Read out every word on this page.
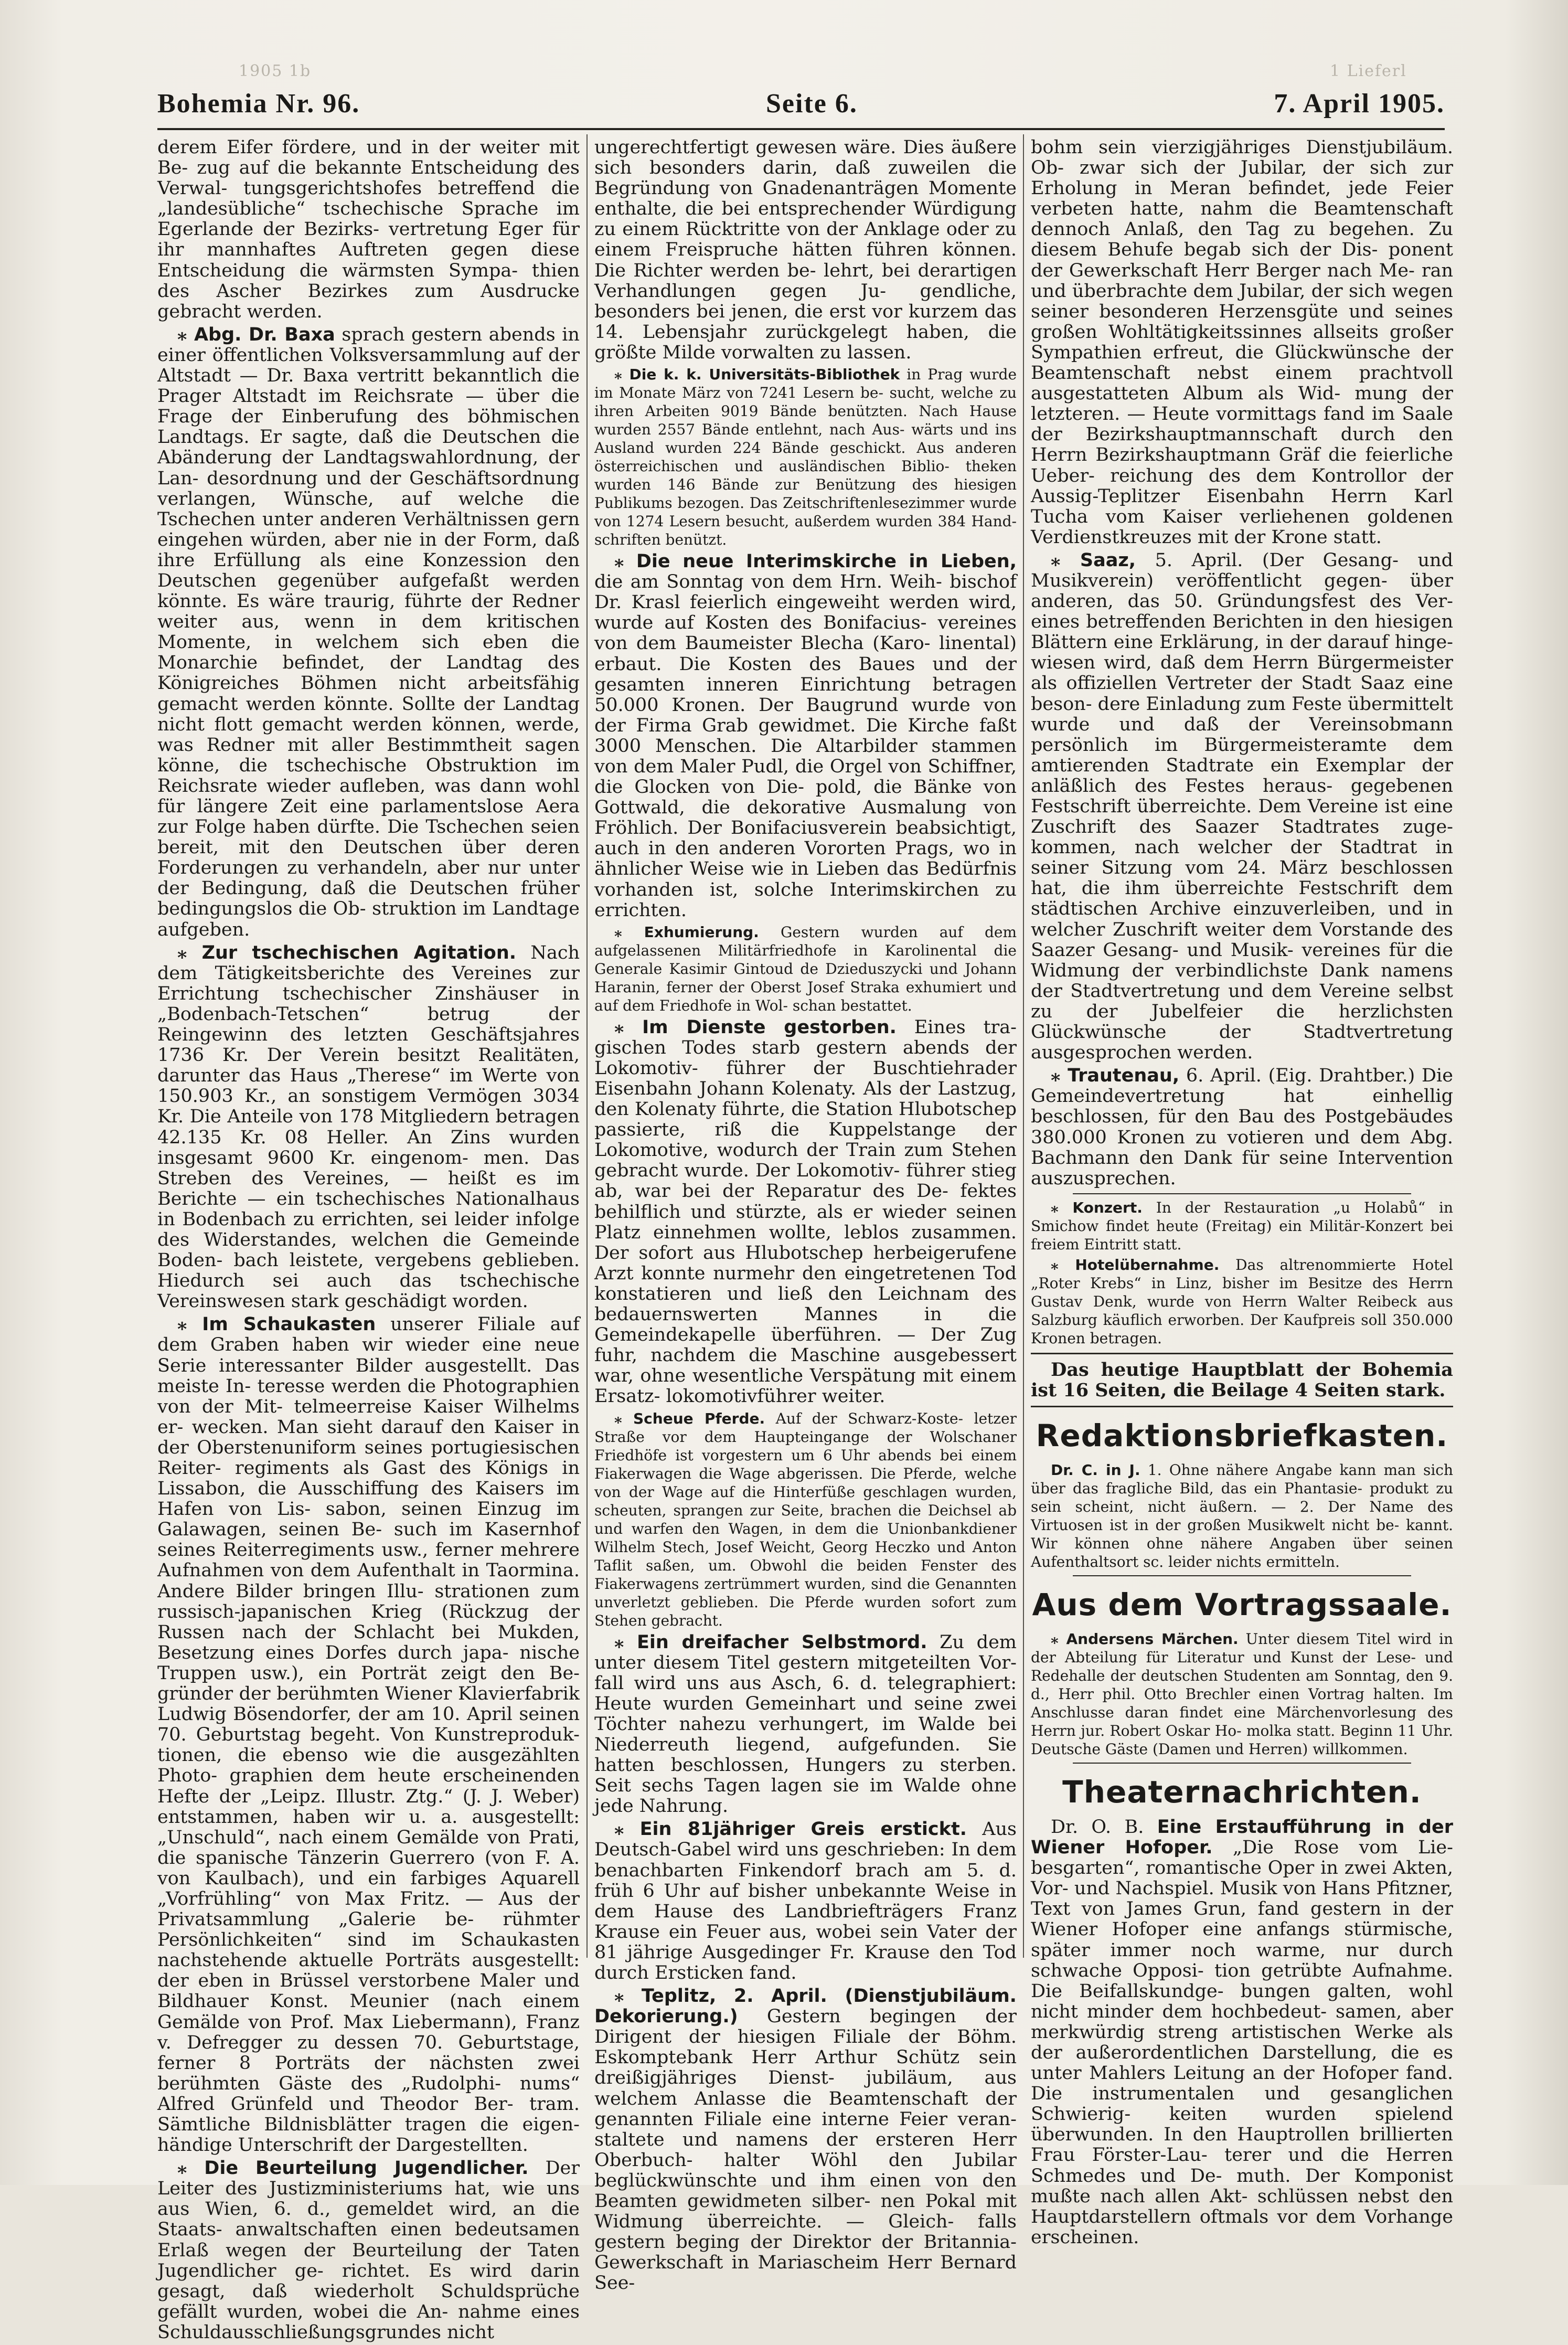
1905 1b	1 Lieferl
Bohemia Nr. 96.	Seite 6.	7. April 1905.

derem Eifer fördere, und in der weiter mit Be- zug auf die bekannte Entscheidung des Verwal- tungsgerichtshofes betreffend die „landesübliche“ tschechische Sprache im Egerlande der Bezirks- vertretung Eger für ihr mannhaftes Auftreten gegen diese Entscheidung die wärmsten Sympa- thien des Ascher Bezirkes zum Ausdrucke gebracht werden.

⁎ Abg. Dr. Baxa sprach gestern abends in einer öffentlichen Volksversammlung auf der Altstadt — Dr. Baxa vertritt bekanntlich die Prager Altstadt im Reichsrate — über die Frage der Einberufung des böhmischen Landtags. Er sagte, daß die Deutschen die Abänderung der Landtagswahlordnung, der Lan- desordnung und der Geschäftsordnung verlangen, Wünsche, auf welche die Tschechen unter anderen Verhältnissen gern eingehen würden, aber nie in der Form, daß ihre Erfüllung als eine Konzession den Deutschen gegenüber aufgefaßt werden könnte. Es wäre traurig, führte der Redner weiter aus, wenn in dem kritischen Momente, in welchem sich eben die Monarchie befindet, der Landtag des Königreiches Böhmen nicht arbeitsfähig gemacht werden könnte. Sollte der Landtag nicht flott gemacht werden können, werde, was Redner mit aller Bestimmtheit sagen könne, die tschechische Obstruktion im Reichsrate wieder aufleben, was dann wohl für längere Zeit eine parlamentslose Aera zur Folge haben dürfte. Die Tschechen seien bereit, mit den Deutschen über deren Forderungen zu verhandeln, aber nur unter der Bedingung, daß die Deutschen früher bedingungslos die Ob- struktion im Landtage aufgeben.

⁎ Zur tschechischen Agitation. Nach dem Tätigkeitsberichte des Vereines zur Errichtung tschechischer Zinshäuser in „Bodenbach-Tetschen“ betrug der Reingewinn des letzten Geschäftsjahres 1736 Kr. Der Verein besitzt Realitäten, darunter das Haus „Therese“ im Werte von 150.903 Kr., an sonstigem Vermögen 3034 Kr. Die Anteile von 178 Mitgliedern betragen 42.135 Kr. 08 Heller. An Zins wurden insgesamt 9600 Kr. eingenom- men. Das Streben des Vereines, — heißt es im Berichte — ein tschechisches Nationalhaus in Bodenbach zu errichten, sei leider infolge des Widerstandes, welchen die Gemeinde Boden- bach leistete, vergebens geblieben. Hiedurch sei auch das tschechische Vereinswesen stark geschädigt worden.

⁎ Im Schaukasten unserer Filiale auf dem Graben haben wir wieder eine neue Serie interessanter Bilder ausgestellt. Das meiste In- teresse werden die Photographien von der Mit- telmeerreise Kaiser Wilhelms er- wecken. Man sieht darauf den Kaiser in der Oberstenuniform seines portugiesischen Reiter- regiments als Gast des Königs in Lissabon, die Ausschiffung des Kaisers im Hafen von Lis- sabon, seinen Einzug im Galawagen, seinen Be- such im Kasernhof seines Reiterregiments usw., ferner mehrere Aufnahmen von dem Aufenthalt in Taormina. Andere Bilder bringen Illu- strationen zum russisch-japanischen Krieg (Rückzug der Russen nach der Schlacht bei Mukden, Besetzung eines Dorfes durch japa- nische Truppen usw.), ein Porträt zeigt den Be- gründer der berühmten Wiener Klavierfabrik Ludwig Bösendorfer, der am 10. April seinen 70. Geburtstag begeht. Von Kunstreproduk- tionen, die ebenso wie die ausgezählten Photo- graphien dem heute erscheinenden Hefte der „Leipz. Illustr. Ztg.“ (J. J. Weber) entstammen, haben wir u. a. ausgestellt: „Unschuld“, nach einem Gemälde von Prati, die spanische Tänzerin Guerrero (von F. A. von Kaulbach), und ein farbiges Aquarell „Vorfrühling“ von Max Fritz. — Aus der Privatsammlung „Galerie be- rühmter Persönlichkeiten“ sind im Schaukasten nachstehende aktuelle Porträts ausgestellt: der eben in Brüssel verstorbene Maler und Bildhauer Konst. Meunier (nach einem Gemälde von Prof. Max Liebermann), Franz v. Defregger zu dessen 70. Geburtstage, ferner 8 Porträts der nächsten zwei berühmten Gäste des „Rudolphi- nums“ Alfred Grünfeld und Theodor Ber- tram. Sämtliche Bildnisblätter tragen die eigen- händige Unterschrift der Dargestellten.

⁎ Die Beurteilung Jugendlicher. Der Leiter des Justizministeriums hat, wie uns aus Wien, 6. d., gemeldet wird, an die Staats- anwaltschaften einen bedeutsamen Erlaß wegen der Beurteilung der Taten Jugendlicher ge- richtet. Es wird darin gesagt, daß wiederholt Schuldsprüche gefällt wurden, wobei die An- nahme eines Schuldausschließungsgrundes nicht

ungerechtfertigt gewesen wäre. Dies äußere sich besonders darin, daß zuweilen die Begründung von Gnadenanträgen Momente enthalte, die bei entsprechender Würdigung zu einem Rücktritte von der Anklage oder zu einem Freispruche hätten führen können. Die Richter werden be- lehrt, bei derartigen Verhandlungen gegen Ju- gendliche, besonders bei jenen, die erst vor kurzem das 14. Lebensjahr zurückgelegt haben, die größte Milde vorwalten zu lassen.

⁎ Die k. k. Universitäts-Bibliothek in Prag wurde im Monate März von 7241 Lesern be- sucht, welche zu ihren Arbeiten 9019 Bände benützten. Nach Hause wurden 2557 Bände entlehnt, nach Aus- wärts und ins Ausland wurden 224 Bände geschickt. Aus anderen österreichischen und ausländischen Biblio- theken wurden 146 Bände zur Benützung des hiesigen Publikums bezogen. Das Zeitschriftenlesezimmer wurde von 1274 Lesern besucht, außerdem wurden 384 Hand- schriften benützt.

⁎ Die neue Interimskirche in Lieben, die am Sonntag von dem Hrn. Weih- bischof Dr. Krasl feierlich eingeweiht werden wird, wurde auf Kosten des Bonifacius- vereines von dem Baumeister Blecha (Karo- linental) erbaut. Die Kosten des Baues und der gesamten inneren Einrichtung betragen 50.000 Kronen. Der Baugrund wurde von der Firma Grab gewidmet. Die Kirche faßt 3000 Menschen. Die Altarbilder stammen von dem Maler Pudl, die Orgel von Schiffner, die Glocken von Die- pold, die Bänke von Gottwald, die dekorative Ausmalung von Fröhlich. Der Bonifaciusverein beabsichtigt, auch in den anderen Vororten Prags, wo in ähnlicher Weise wie in Lieben das Bedürfnis vorhanden ist, solche Interimskirchen zu errichten.

⁎ Exhumierung. Gestern wurden auf dem aufgelassenen Militärfriedhofe in Karolinental die Generale Kasimir Gintoud de Dzieduszycki und Johann Haranin, ferner der Oberst Josef Straka exhumiert und auf dem Friedhofe in Wol- schan bestattet.

⁎ Im Dienste gestorben. Eines tra- gischen Todes starb gestern abends der Lokomotiv- führer der Buschtiehrader Eisenbahn Johann Kolenaty. Als der Lastzug, den Kolenaty führte, die Station Hlubotschep passierte, riß die Kuppelstange der Lokomotive, wodurch der Train zum Stehen gebracht wurde. Der Lokomotiv- führer stieg ab, war bei der Reparatur des De- fektes behilflich und stürzte, als er wieder seinen Platz einnehmen wollte, leblos zusammen. Der sofort aus Hlubotschep herbeigerufene Arzt konnte nurmehr den eingetretenen Tod konstatieren und ließ den Leichnam des bedauernswerten Mannes in die Gemeindekapelle überführen. — Der Zug fuhr, nachdem die Maschine ausgebessert war, ohne wesentliche Verspätung mit einem Ersatz- lokomotivführer weiter.

⁎ Scheue Pferde. Auf der Schwarz-Koste- letzer Straße vor dem Haupteingange der Wolschaner Friedhöfe ist vorgestern um 6 Uhr abends bei einem Fiakerwagen die Wage abgerissen. Die Pferde, welche von der Wage auf die Hinterfüße geschlagen wurden, scheuten, sprangen zur Seite, brachen die Deichsel ab und warfen den Wagen, in dem die Unionbankdiener Wilhelm Stech, Josef Weicht, Georg Heczko und Anton Taflit saßen, um. Obwohl die beiden Fenster des Fiakerwagens zertrümmert wurden, sind die Genannten unverletzt geblieben. Die Pferde wurden sofort zum Stehen gebracht.

⁎ Ein dreifacher Selbstmord. Zu dem unter diesem Titel gestern mitgeteilten Vor- fall wird uns aus Asch, 6. d. telegraphiert: Heute wurden Gemeinhart und seine zwei Töchter nahezu verhungert, im Walde bei Niederreuth liegend, aufgefunden. Sie hatten beschlossen, Hungers zu sterben. Seit sechs Tagen lagen sie im Walde ohne jede Nahrung.

⁎ Ein 81jähriger Greis erstickt. Aus Deutsch-Gabel wird uns geschrieben: In dem benachbarten Finkendorf brach am 5. d. früh 6 Uhr auf bisher unbekannte Weise in dem Hause des Landbriefträgers Franz Krause ein Feuer aus, wobei sein Vater der 81 jährige Ausgedinger Fr. Krause den Tod durch Ersticken fand.

⁎ Teplitz, 2. April. (Dienstjubiläum. Dekorierung.) Gestern begingen der Dirigent der hiesigen Filiale der Böhm. Eskomptebank Herr Arthur Schütz sein dreißigjähriges Dienst- jubiläum, aus welchem Anlasse die Beamtenschaft der genannten Filiale eine interne Feier veran- staltete und namens der ersteren Herr Oberbuch- halter Wöhl den Jubilar beglückwünschte und ihm einen von den Beamten gewidmeten silber- nen Pokal mit Widmung überreichte. — Gleich- falls gestern beging der Direktor der Britannia- Gewerkschaft in Mariascheim Herr Bernard See-

bohm sein vierzigjähriges Dienstjubiläum. Ob- zwar sich der Jubilar, der sich zur Erholung in Meran befindet, jede Feier verbeten hatte, nahm die Beamtenschaft dennoch Anlaß, den Tag zu begehen. Zu diesem Behufe begab sich der Dis- ponent der Gewerkschaft Herr Berger nach Me- ran und überbrachte dem Jubilar, der sich wegen seiner besonderen Herzensgüte und seines großen Wohltätigkeitssinnes allseits großer Sympathien erfreut, die Glückwünsche der Beamtenschaft nebst einem prachtvoll ausgestatteten Album als Wid- mung der letzteren. — Heute vormittags fand im Saale der Bezirkshauptmannschaft durch den Herrn Bezirkshauptmann Gräf die feierliche Ueber- reichung des dem Kontrollor der Aussig-Teplitzer Eisenbahn Herrn Karl Tucha vom Kaiser verliehenen goldenen Verdienstkreuzes mit der Krone statt.

⁎ Saaz, 5. April. (Der Gesang- und Musikverein) veröffentlicht gegen- über anderen, das 50. Gründungsfest des Ver- eines betreffenden Berichten in den hiesigen Blättern eine Erklärung, in der darauf hinge- wiesen wird, daß dem Herrn Bürgermeister als offiziellen Vertreter der Stadt Saaz eine beson- dere Einladung zum Feste übermittelt wurde und daß der Vereinsobmann persönlich im Bürgermeisteramte dem amtierenden Stadtrate ein Exemplar der anläßlich des Festes heraus- gegebenen Festschrift überreichte. Dem Vereine ist eine Zuschrift des Saazer Stadtrates zuge- kommen, nach welcher der Stadtrat in seiner Sitzung vom 24. März beschlossen hat, die ihm überreichte Festschrift dem städtischen Archive einzuverleiben, und in welcher Zuschrift weiter dem Vorstande des Saazer Gesang- und Musik- vereines für die Widmung der verbindlichste Dank namens der Stadtvertretung und dem Vereine selbst zu der Jubelfeier die herzlichsten Glückwünsche der Stadtvertretung ausgesprochen werden.

⁎ Trautenau, 6. April. (Eig. Drahtber.) Die Gemeindevertretung hat einhellig beschlossen, für den Bau des Postgebäudes 380.000 Kronen zu votieren und dem Abg. Bachmann den Dank für seine Intervention auszusprechen.

⁎ Konzert. In der Restauration „u Holabů“ in Smichow findet heute (Freitag) ein Militär-Konzert bei freiem Eintritt statt.

⁎ Hotelübernahme. Das altrenommierte Hotel „Roter Krebs“ in Linz, bisher im Besitze des Herrn Gustav Denk, wurde von Herrn Walter Reibeck aus Salzburg käuflich erworben. Der Kaufpreis soll 350.000 Kronen betragen.

Das heutige Hauptblatt der Bohemia ist 16 Seiten, die Beilage 4 Seiten stark.

Redaktionsbriefkasten.

Dr. C. in J. 1. Ohne nähere Angabe kann man sich über das fragliche Bild, das ein Phantasie- produkt zu sein scheint, nicht äußern. — 2. Der Name des Virtuosen ist in der großen Musikwelt nicht be- kannt. Wir können ohne nähere Angaben über seinen Aufenthaltsort sc. leider nichts ermitteln.

Aus dem Vortragssaale.

⁎ Andersens Märchen. Unter diesem Titel wird in der Abteilung für Literatur und Kunst der Lese- und Redehalle der deutschen Studenten am Sonntag, den 9. d., Herr phil. Otto Brechler einen Vortrag halten. Im Anschlusse daran findet eine Märchenvorlesung des Herrn jur. Robert Oskar Ho- molka statt. Beginn 11 Uhr. Deutsche Gäste (Damen und Herren) willkommen.

Theaternachrichten.

Dr. O. B. Eine Erstaufführung in der Wiener Hofoper. „Die Rose vom Lie- besgarten“, romantische Oper in zwei Akten, Vor- und Nachspiel. Musik von Hans Pfitzner, Text von James Grun, fand gestern in der Wiener Hofoper eine anfangs stürmische, später immer noch warme, nur durch schwache Opposi- tion getrübte Aufnahme. Die Beifallskundge- bungen galten, wohl nicht minder dem hochbedeut- samen, aber merkwürdig streng artistischen Werke als der außerordentlichen Darstellung, die es unter Mahlers Leitung an der Hofoper fand. Die instrumentalen und gesanglichen Schwierig- keiten wurden spielend überwunden. In den Hauptrollen brillierten Frau Förster-Lau- terer und die Herren Schmedes und De- muth. Der Komponist mußte nach allen Akt- schlüssen nebst den Hauptdarstellern oftmals vor dem Vorhange erscheinen.
